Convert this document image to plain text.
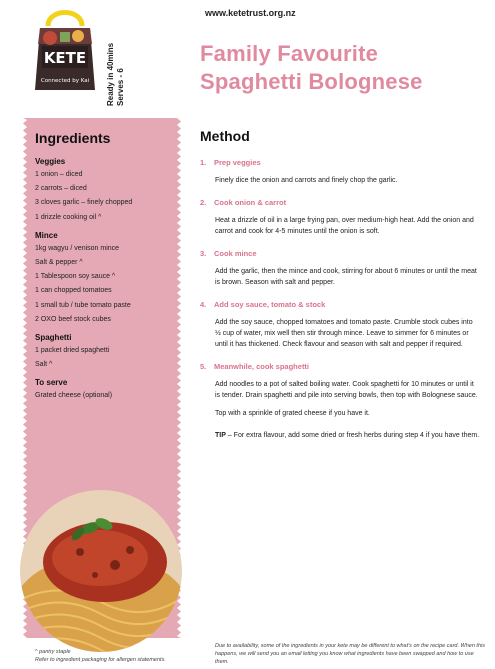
KETE
Connected by Kai Ready in 40mins Serves - 6
www.ketetrust.org.nz
Family Favourite
Spaghetti Bolognese
Ingredients
Veggies
1 onion – diced
2 carrots – diced
3 cloves garlic – finely chopped
1 drizzle cooking oil ^
Mince
1kg wagyu / venison mince
Salt & pepper ^
1 Tablespoon soy sauce ^
1 can chopped tomatoes
1 small tub / tube tomato paste
2 OXO beef stock cubes
Spaghetti
1 packet dried spaghetti
Salt ^
To serve
Grated cheese (optional)
^ pantry staple
Refer to ingredient packaging for allergen statements.
Method
1. Prep veggies

Finely dice the onion and carrots and finely chop the garlic.

2. Cook onion & carrot

Heat a drizzle of oil in a large frying pan, over medium-high heat. Add the onion and carrot and cook for 4-5 minutes until the onion is soft.

3. Cook mince

Add the garlic, then the mince and cook, stirring for about 6 minutes or until the meat is brown. Season with salt and pepper.

4. Add soy sauce, tomato & stock

Add the soy sauce, chopped tomatoes and tomato paste. Crumble stock cubes into ½ cup of water, mix well then stir through mince. Leave to simmer for 6 minutes or until it has thickened. Check flavour and season with salt and pepper if required.

5. Meanwhile, cook spaghetti

Add noodles to a pot of salted boiling water. Cook spaghetti for 10 minutes or until it is tender. Drain spaghetti and pile into serving bowls, then top with Bolognese sauce.

Top with a sprinkle of grated cheese if you have it.

TIP – For extra flavour, add some dried or fresh herbs during step 4 if you have them.
Due to availability, some of the ingredients in your kete may be different to what's on the recipe card. When this happens, we will send you an email letting you know what ingredients have been swapped and how to use them.
